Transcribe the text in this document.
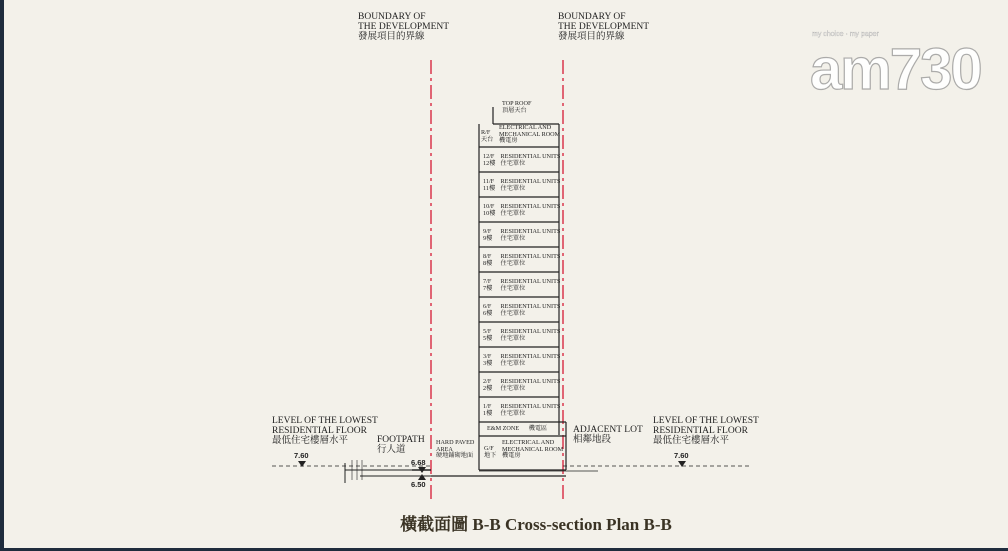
BOUNDARY OF
THE DEVELOPMENT
發展項目的界線
BOUNDARY OF
THE DEVELOPMENT
發展項目的界線
TOP ROOF
頂層天台
R/F
天台
ELECTRICAL AND
MECHANICAL ROOM
機電房
12/F
12樓 RESIDENTIAL UNITS
住宅單位
11/F
11樓 RESIDENTIAL UNITS
住宅單位
10/F
10樓 RESIDENTIAL UNITS
住宅單位
9/F
9樓 RESIDENTIAL UNITS
住宅單位
8/F
8樓 RESIDENTIAL UNITS
住宅單位
7/F
7樓 RESIDENTIAL UNITS
住宅單位
6/F
6樓 RESIDENTIAL UNITS
住宅單位
5/F
5樓 RESIDENTIAL UNITS
住宅單位
3/F
3樓 RESIDENTIAL UNITS
住宅單位
2/F
2樓 RESIDENTIAL UNITS
住宅單位
1/F
1樓 RESIDENTIAL UNITS
住宅單位
E&M ZONE 機電區
G/F
地下
ELECTRICAL AND
MECHANICAL ROOM
機電房
HARD PAVED
AREA
硬地鋪砌地面
FOOTPATH
行人道
ADJACENT LOT
相鄰地段
LEVEL OF THE LOWEST
RESIDENTIAL FLOOR
最低住宅樓層水平
LEVEL OF THE LOWEST
RESIDENTIAL FLOOR
最低住宅樓層水平
7.60	7.60
6.68
6.50
橫截面圖 B-B Cross-section Plan B-B
my choice · my paper
am730
